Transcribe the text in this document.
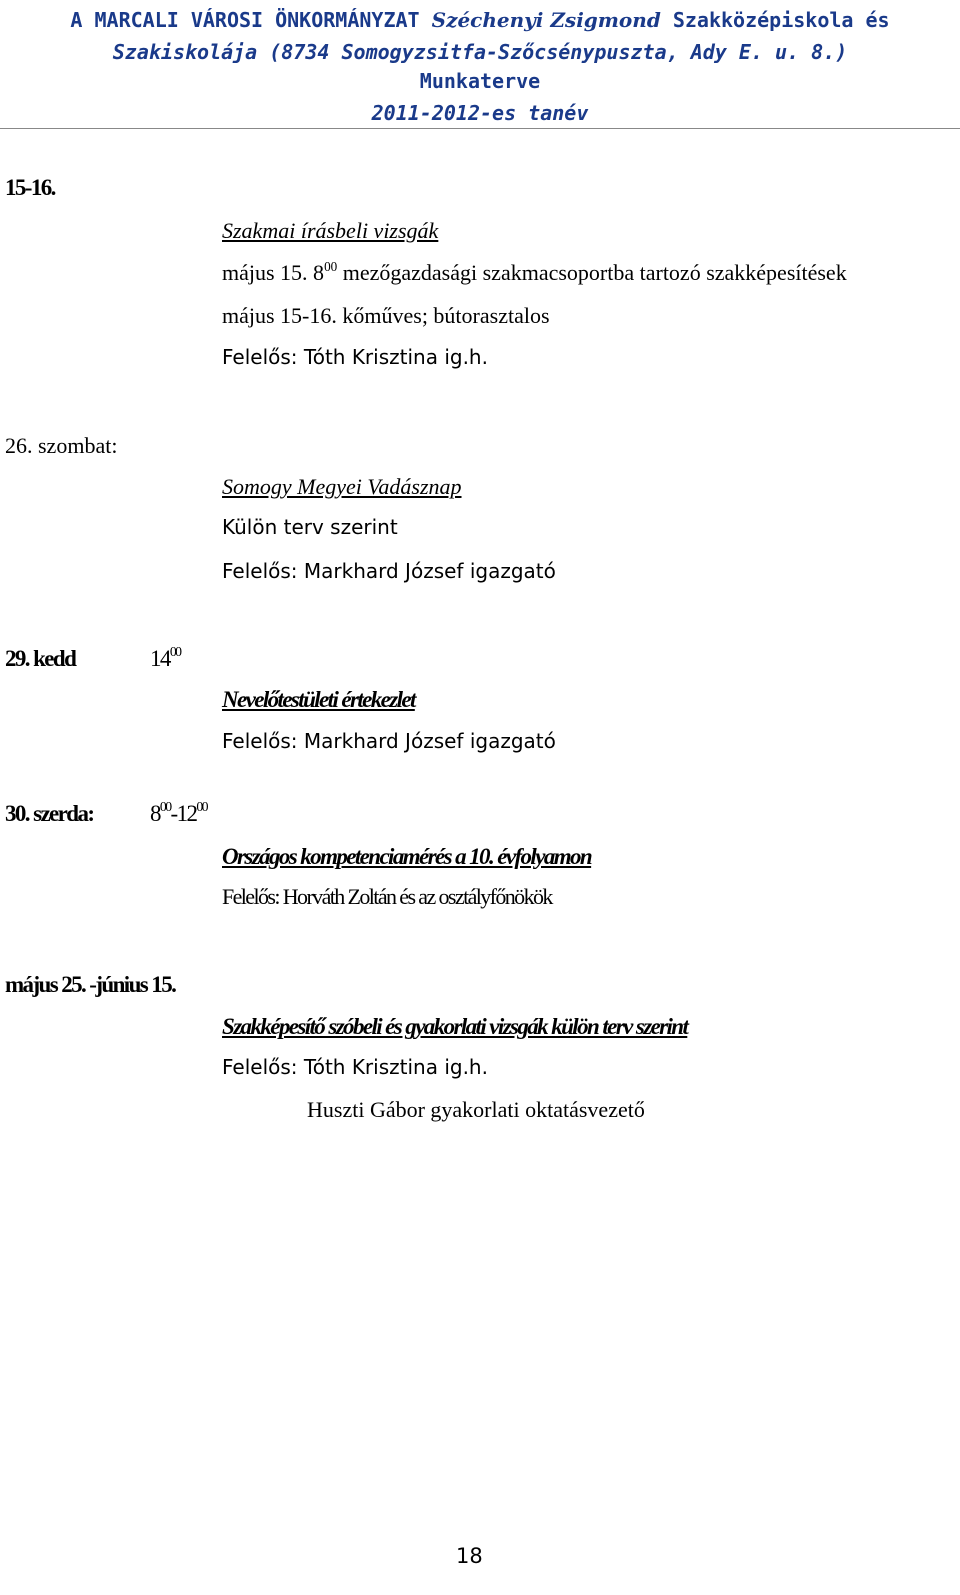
A MARCALI VÁROSI ÖNKORMÁNYZAT Széchenyi Zsigmond Szakközépiskola és
Szakiskolája (8734 Somogyzsitfa-Szőcsénypuszta, Ady E. u. 8.)
Munkaterve
2011-2012-es tanév
15-16.
Szakmai írásbeli vizsgák
május 15. $8^{00}$ mezőgazdasági szakmacsoportba tartozó szakképesítések
május 15-16. kőműves; bútorasztalos
Felelős: Tóth Krisztina ig.h.
26. szombat:
Somogy Megyei Vadásznap
Külön terv szerint
Felelős: Markhard József igazgató
29. kedd	$14^{00}$
Nevelőtestületi értekezlet
Felelős: Markhard József igazgató
30. szerda: $8^{00}-12^{00}$
Országos kompetenciamérés a 10. évfolyamon
Felelős: Horváth Zoltán és az osztályfőnökök
május 25. -június 15.
Szakképesítő szóbeli és gyakorlati vizsgák külön terv szerint
Felelős: Tóth Krisztina ig.h.
Huszti Gábor gyakorlati oktatásvezető
18
